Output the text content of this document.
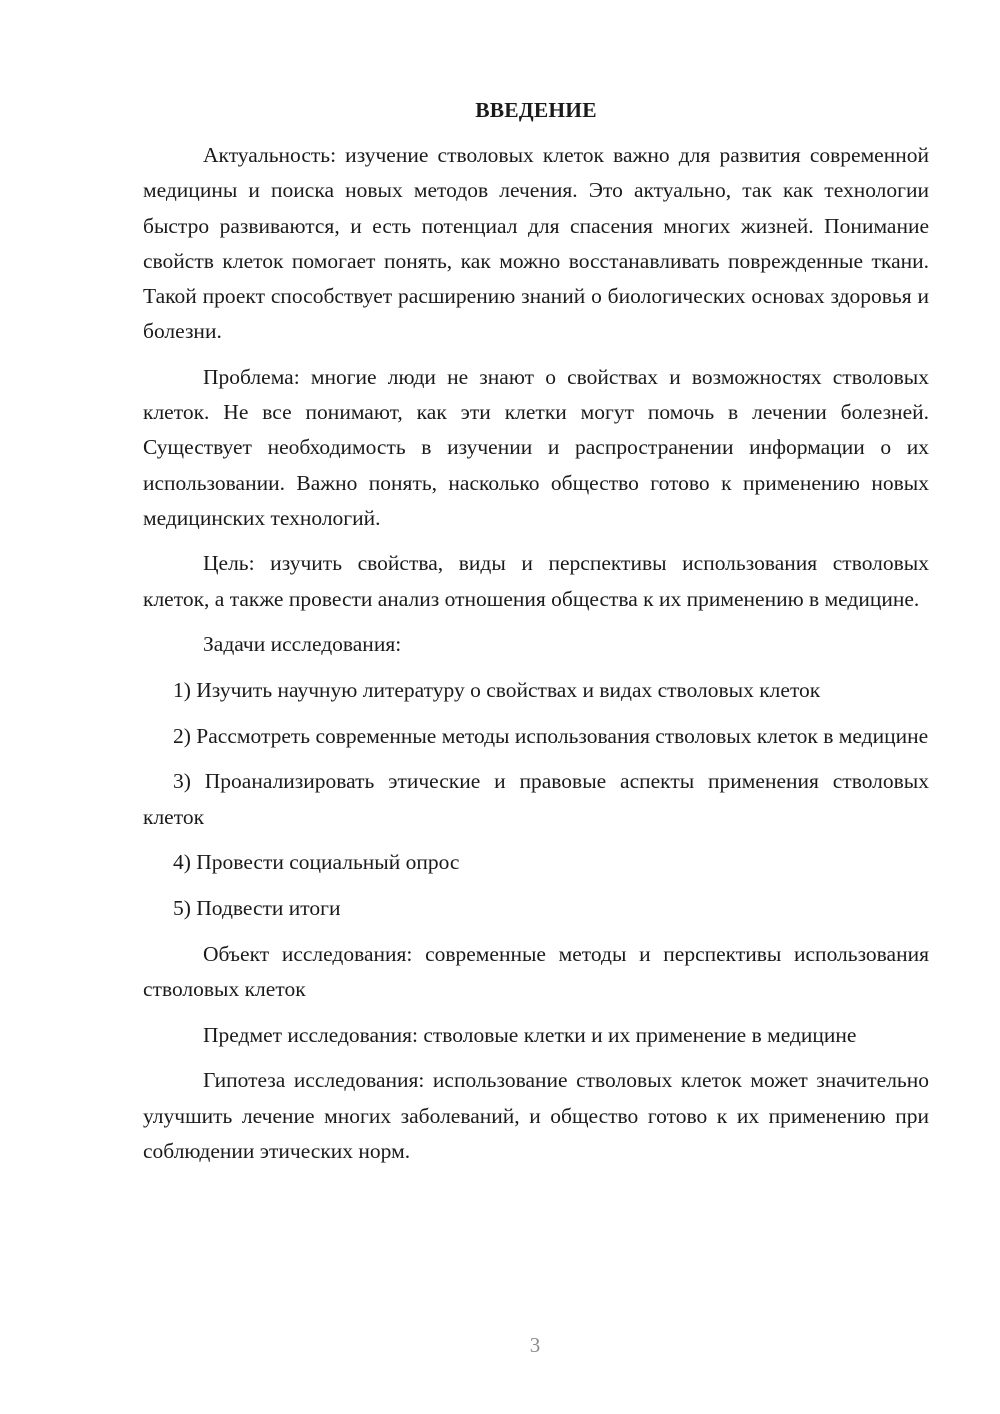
ВВЕДЕНИЕ

Актуальность: изучение стволовых клеток важно для развития современной медицины и поиска новых методов лечения. Это актуально, так как технологии быстро развиваются, и есть потенциал для спасения многих жизней. Понимание свойств клеток помогает понять, как можно восстанавливать поврежденные ткани. Такой проект способствует расширению знаний о биологических основах здоровья и болезни.

Проблема: многие люди не знают о свойствах и возможностях стволовых клеток. Не все понимают, как эти клетки могут помочь в лечении болезней. Существует необходимость в изучении и распространении информации о их использовании. Важно понять, насколько общество готово к применению новых медицинских технологий.

Цель: изучить свойства, виды и перспективы использования стволовых клеток, а также провести анализ отношения общества к их применению в медицине.

Задачи исследования:

1) Изучить научную литературу о свойствах и видах стволовых клеток

2) Рассмотреть современные методы использования стволовых клеток в медицине

3) Проанализировать этические и правовые аспекты применения стволовых клеток

4) Провести социальный опрос

5) Подвести итоги

Объект исследования: современные методы и перспективы использования стволовых клеток

Предмет исследования: стволовые клетки и их применение в медицине

Гипотеза исследования: использование стволовых клеток может значительно улучшить лечение многих заболеваний, и общество готово к их применению при соблюдении этических норм.

3
